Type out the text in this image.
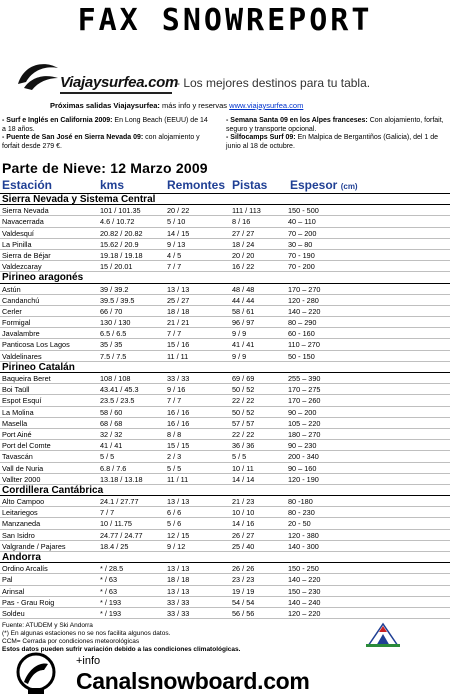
FAX SNOWREPORT
Viajaysurfea.com
- Los mejores destinos para tu tabla.
Próximas salidas Viajaysurfea: más info y reservas www.viajaysurfea.com
- Surf e Inglés en California 2009: En Long Beach (EEUU) de 14 a 18 años.
- Puente de San José en Sierra Nevada 09: con alojamiento y forfait desde 279 €.
- Semana Santa 09 en los Alpes franceses: Con alojamiento, forfait, seguro y transporte opcional.
- Silfocamps Surf 09: En Malpica de Bergantiños (Galicia), del 1 de junio al 18 de octubre.
Parte de Nieve: 12 Marzo 2009
Estación	kms	Remontes Pistas Espesor (cm)
Sierra Nevada y Sistema Central
Sierra Nevada	101 / 101.35	20 / 22	111 / 113	150 - 500
Navacerrada	4.6 / 10.72	5 / 10	8 / 16	40 – 110
Valdesquí	20.82 / 20.82	14 / 15	27 / 27	70 – 200
La Pinilla	15.62 / 20.9	9 / 13	18 / 24	30 – 80
Sierra de Béjar	19.18 / 19.18	4 / 5	20 / 20	70 - 190
Valdezcaray	15 / 20.01	7 / 7	16 / 22	70 - 200
Pirineo aragonés
Astún	39 / 39.2	13 / 13	48 / 48	170 – 270
Candanchú	39.5 / 39.5	25 / 27	44 / 44	120 - 280
Cerler	66 / 70	18 / 18	58 / 61	140 – 220
Formigal	130 / 130	21 / 21	96 / 97	80 – 290
Javalambre	6.5 / 6.5	7 / 7	9 / 9	60 - 160
Panticosa Los Lagos	35 / 35	15 / 16	41 / 41	110 – 270
Valdelinares	7.5 / 7.5	11 / 11	9 / 9	50 - 150
Pirineo Catalán
Baqueira Beret	108 / 108	33 / 33	69 / 69	255 – 390
Boi Taüll	43.41 / 45.3	9 / 16	50 / 52	170 – 275
Espot Esquí	23.5 / 23.5	7 / 7	22 / 22	170 – 260
La Molina	58 / 60	16 / 16	50 / 52	90 – 200
Masella	68 / 68	16 / 16	57 / 57	105 – 220
Port Ainé	32 / 32	8 / 8	22 / 22	180 – 270
Port del Comte	41 / 41	15 / 15	36 / 36	90 – 230
Tavascán	5 / 5	2 / 3	5 / 5	200 - 340
Vall de Nuria	6.8 / 7.6	5 / 5	10 / 11	90 – 160
Vallter 2000	13.18 / 13.18	11 / 11	14 / 14	120 - 190
Cordillera Cantábrica
Alto Campoo	24.1 / 27.77	13 / 13	21 / 23	80 -180
Leitariegos	7 / 7	6 / 6	10 / 10	80 - 230
Manzaneda	10 / 11.75	5 / 6	14 / 16	20 - 50
San Isidro	24.77 / 24.77	12 / 15	26 / 27	120 - 380
Valgrande / Pajares	18.4 / 25	9 / 12	25 / 40	140 - 300
Andorra
Ordino Arcalís	* / 28.5	13 / 13	26 / 26	150 - 250
Pal	* / 63	18 / 18	23 / 23	140 – 220
Arinsal	* / 63	13 / 13	19 / 19	150 – 230
Pas - Grau Roig	* / 193	33 / 33	54 / 54	140 – 240
Soldeu	* / 193	33 / 33	56 / 56	120 – 220
Fuente: ATUDEM y Ski Andorra
(*) En algunas estaciones no se nos facilita algunos datos.
CCM= Cerrada por condiciones meteorológicas
Estos datos pueden sufrir variación debido a las condiciones climatológicas.
+info
Canalsnowboard.com
